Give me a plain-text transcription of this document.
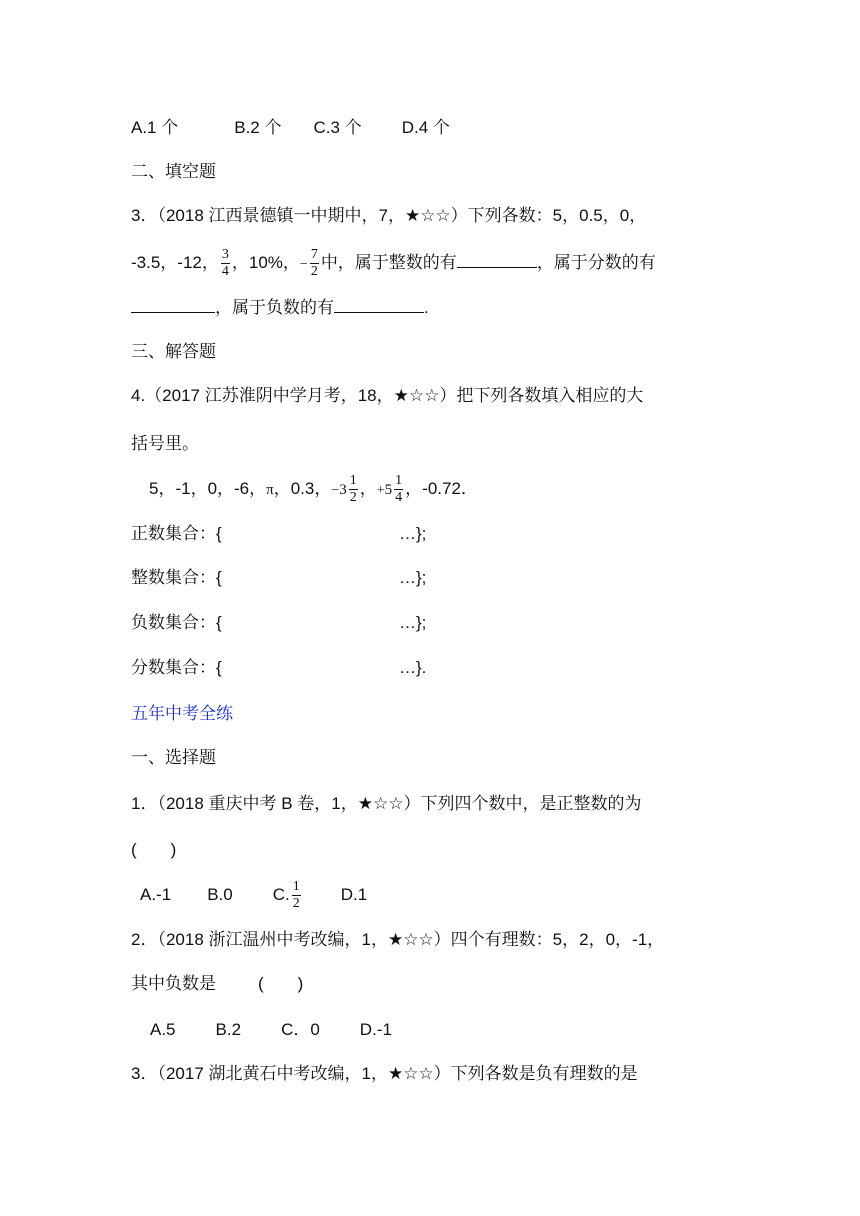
A.1 个	B.2 个 C.3 个 D.4 个
二、填空题
3．（2018 江西景德镇一中期中，7，★☆☆）下列各数：5，0.5，0，
-3.5，-12， $\frac{3}{4}$ ，10%，− $\frac{7}{2}$ 中，属于整数的有	，属于分数的有
，属于负数的有	.
三、解答题
4.（2017 江苏淮阴中学月考，18，★☆☆）把下列各数填入相应的大
括号里。
5，-1，0，-6，π，0.3，$-3 \frac{1}{2}$ ，$+5 \frac{1}{4}$ ，-0.72．
正数集合：{	…};
整数集合：{	…};
负数集合：{	…};
分数集合：{	…}.
五年中考全练
一、选择题
1．（2018 重庆中考 B 卷，1，★☆☆）下列四个数中，是正整数的为
(　　)
A.-1 B.0 C. $\frac{1}{2} D.1$
2．（2018 浙江温州中考改编，1，★☆☆）四个有理数：5，2，0，-1，
其中负数是 (　　)
A.5 B.2 C．0 D.-1
3．（2017 湖北黄石中考改编，1，★☆☆）下列各数是负有理数的是
